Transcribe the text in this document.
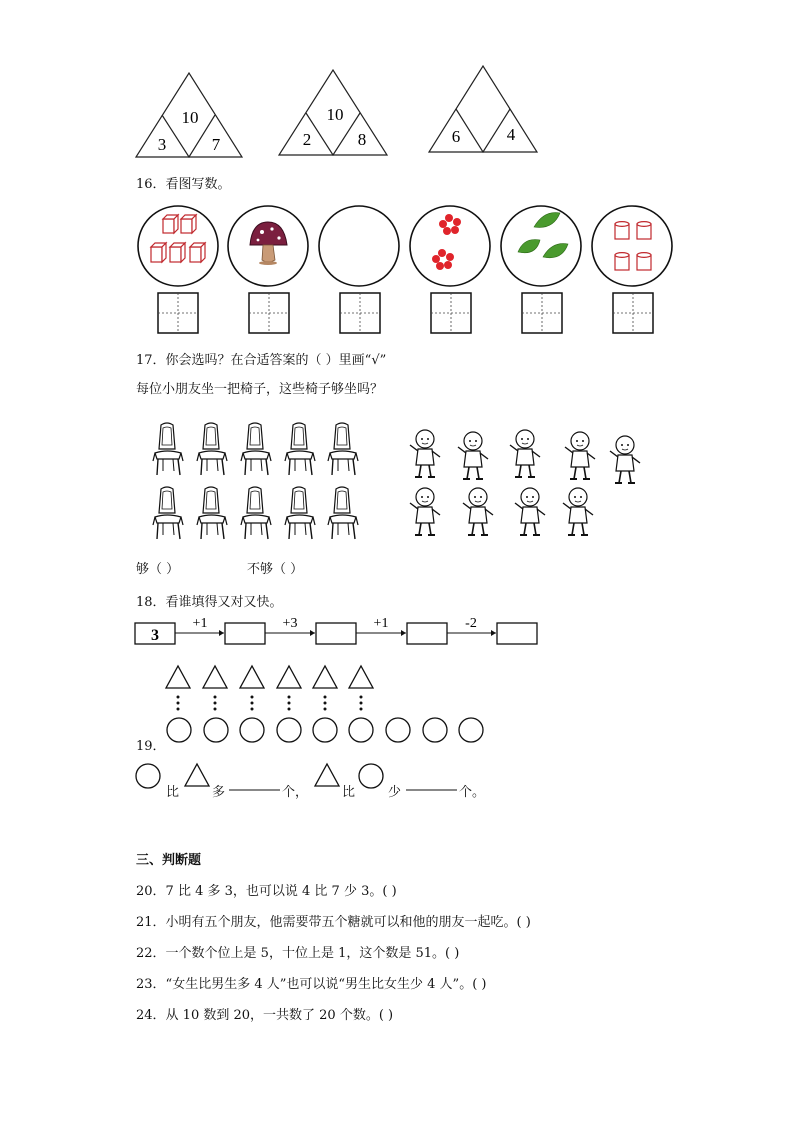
10
3	7
10
2	8	6	4
16．看图写数。
17．你会选吗？在合适答案的（ ）里画“√”
每位小朋友坐一把椅子，这些椅子够坐吗？
够（ ）	不够（ ）
18．看谁填得又对又快。
3
+1	+3	+1	-2
19．
比	多	个，	比	少	个。
三、判断题
20．7 比 4 多 3，也可以说 4 比 7 少 3。( )
21．小明有五个朋友，他需要带五个糖就可以和他的朋友一起吃。( )
22．一个数个位上是 5，十位上是 1，这个数是 51。( )
23．“女生比男生多 4 人”也可以说“男生比女生少 4 人”。( )
24．从 10 数到 20，一共数了 20 个数。( )
